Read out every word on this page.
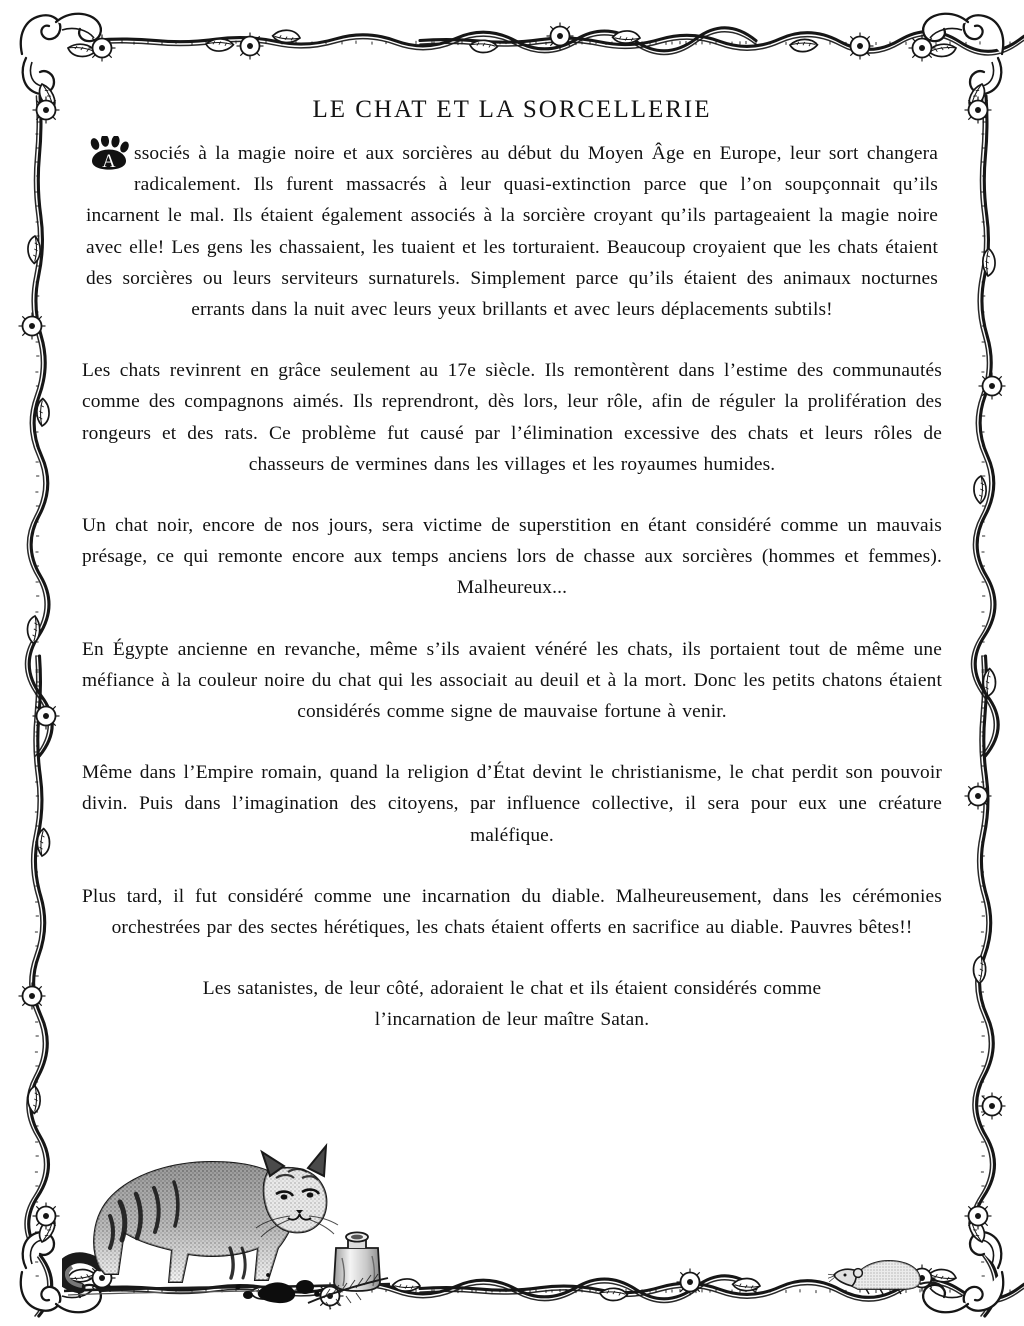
LE CHAT ET LA SORCELLERIE

A ssociés à la magie noire et aux sorcières au début du Moyen Âge en Europe, leur sort changera radicalement. Ils furent massacrés à leur quasi-extinction parce que l’on soupçonnait qu’ils incarnent le mal. Ils étaient également associés à la sorcière croyant qu’ils partageaient la magie noire avec elle! Les gens les chassaient, les tuaient et les torturaient. Beaucoup croyaient que les chats étaient des sorcières ou leurs serviteurs surnaturels. Simplement parce qu’ils étaient des animaux nocturnes errants dans la nuit avec leurs yeux brillants et avec leurs déplacements subtils!

Les chats revinrent en grâce seulement au 17e siècle. Ils remontèrent dans l’estime des communautés comme des compagnons aimés. Ils reprendront, dès lors, leur rôle, afin de réguler la prolifération des rongeurs et des rats. Ce problème fut causé par l’élimination excessive des chats et leurs rôles de chasseurs de vermines dans les villages et les royaumes humides.

Un chat noir, encore de nos jours, sera victime de superstition en étant considéré comme un mauvais présage, ce qui remonte encore aux temps anciens lors de chasse aux sorcières (hommes et femmes). Malheureux...

En Égypte ancienne en revanche, même s’ils avaient vénéré les chats, ils portaient tout de même une méfiance à la couleur noire du chat qui les associait au deuil et à la mort. Donc les petits chatons étaient considérés comme signe de mauvaise fortune à venir.

Même dans l’Empire romain, quand la religion d’État devint le christianisme, le chat perdit son pouvoir divin. Puis dans l’imagination des citoyens, par influence collective, il sera pour eux une créature maléfique.

Plus tard, il fut considéré comme une incarnation du diable. Malheureusement, dans les cérémonies orchestrées par des sectes hérétiques, les chats étaient offerts en sacrifice au diable. Pauvres bêtes!!

Les satanistes, de leur côté, adoraient le chat et ils étaient considérés comme l’incarnation de leur maître Satan.
